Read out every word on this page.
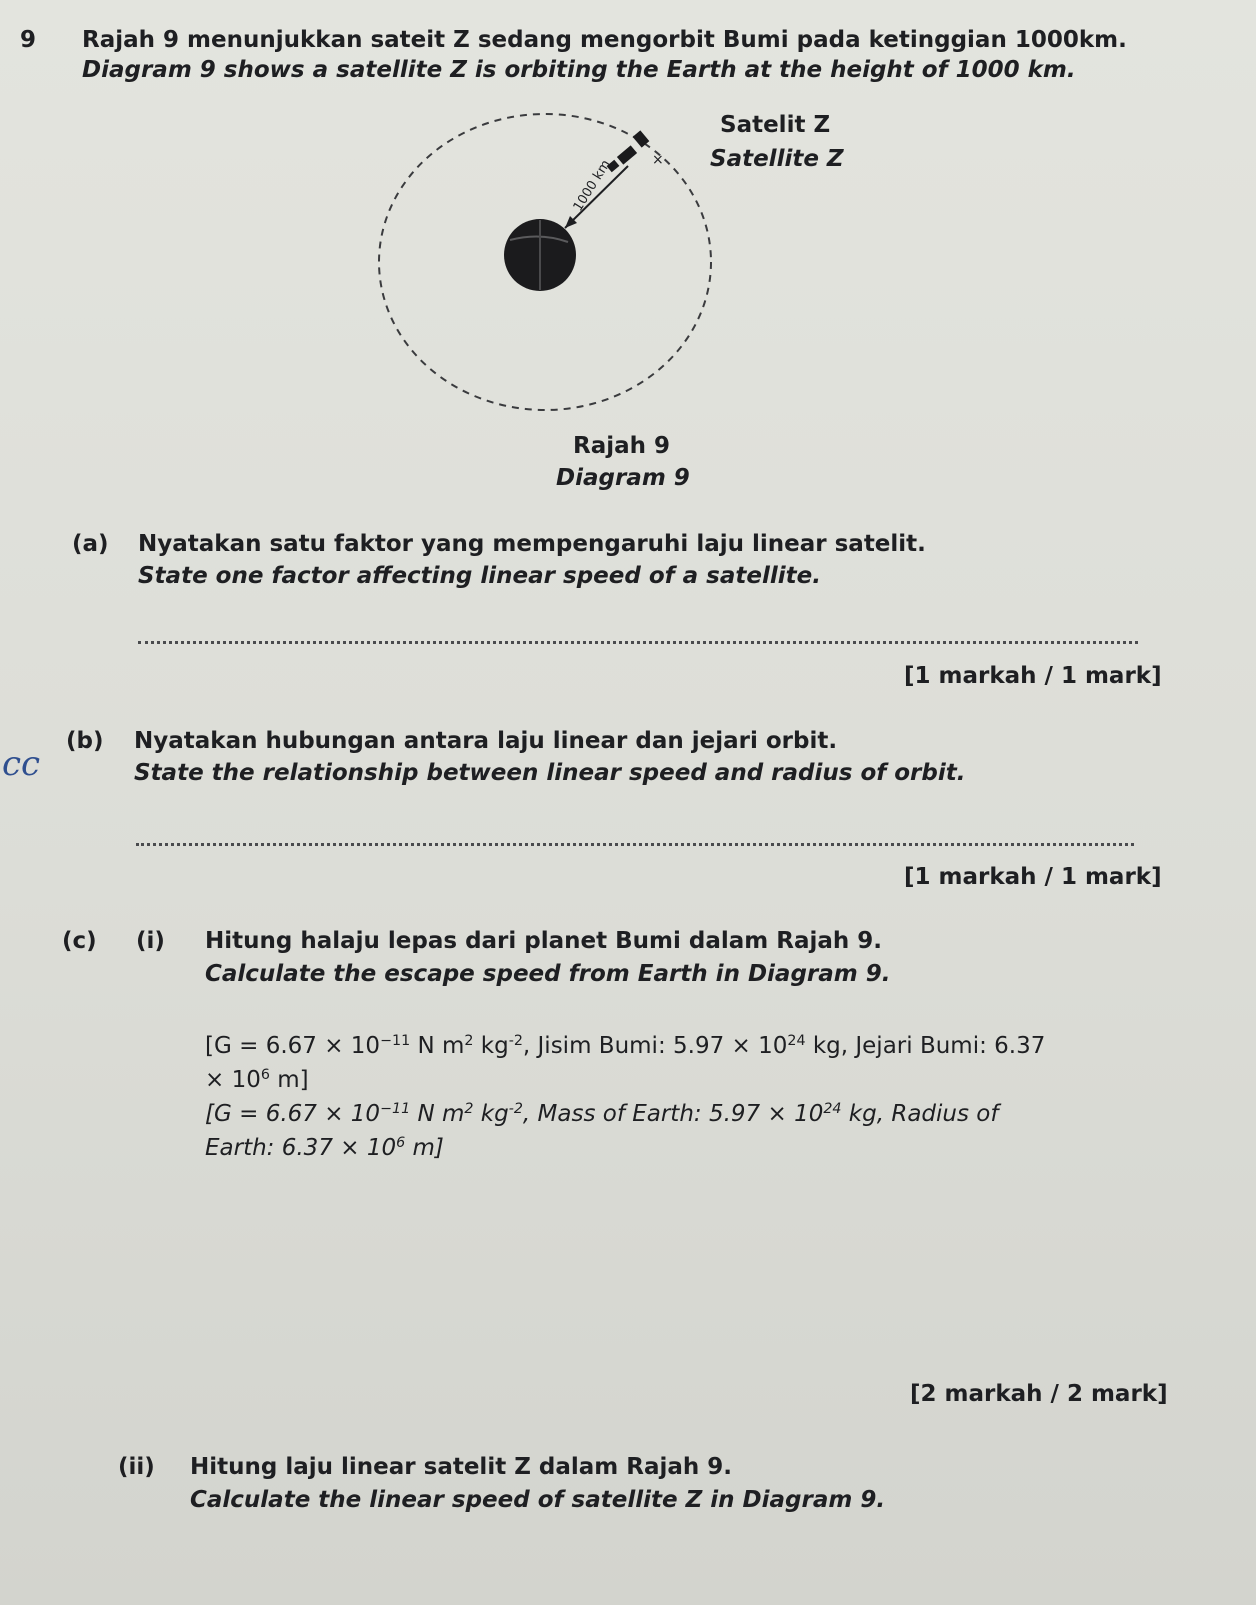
9 Rajah 9 menunjukkan sateit Z sedang mengorbit Bumi pada ketinggian 1000km.
Diagram 9 shows a satellite Z is orbiting the Earth at the height of 1000 km.
1000 km	×
Satelit Z
Satellite Z
Rajah 9
Diagram 9
(a) Nyatakan satu faktor yang mempengaruhi laju linear satelit.
State one factor affecting linear speed of a satellite.
[1 markah / 1 mark]
(b) Nyatakan hubungan antara laju linear dan jejari orbit.
State the relationship between linear speed and radius of orbit.
cc
[1 markah / 1 mark]
(c) (i) Hitung halaju lepas dari planet Bumi dalam Rajah 9.
Calculate the escape speed from Earth in Diagram 9.
[$G = 6.67 \times 10^{-11}$ N $m^2$ $kg^{-2}$, Jisim Bumi: $5.97 \times 10^{24}$ kg, Jejari Bumi: 6.37
× $10^6$ m]
[$G = 6.67 \times 10^{-11}$ N $m^2$ $kg^{-2}$, Mass of Earth: $5.97 \times 10^{24}$ kg, Radius of
Earth: $6.37 \times 10^6$ m]
[2 markah / 2 mark]
(ii) Hitung laju linear satelit Z dalam Rajah 9.
Calculate the linear speed of satellite Z in Diagram 9.
